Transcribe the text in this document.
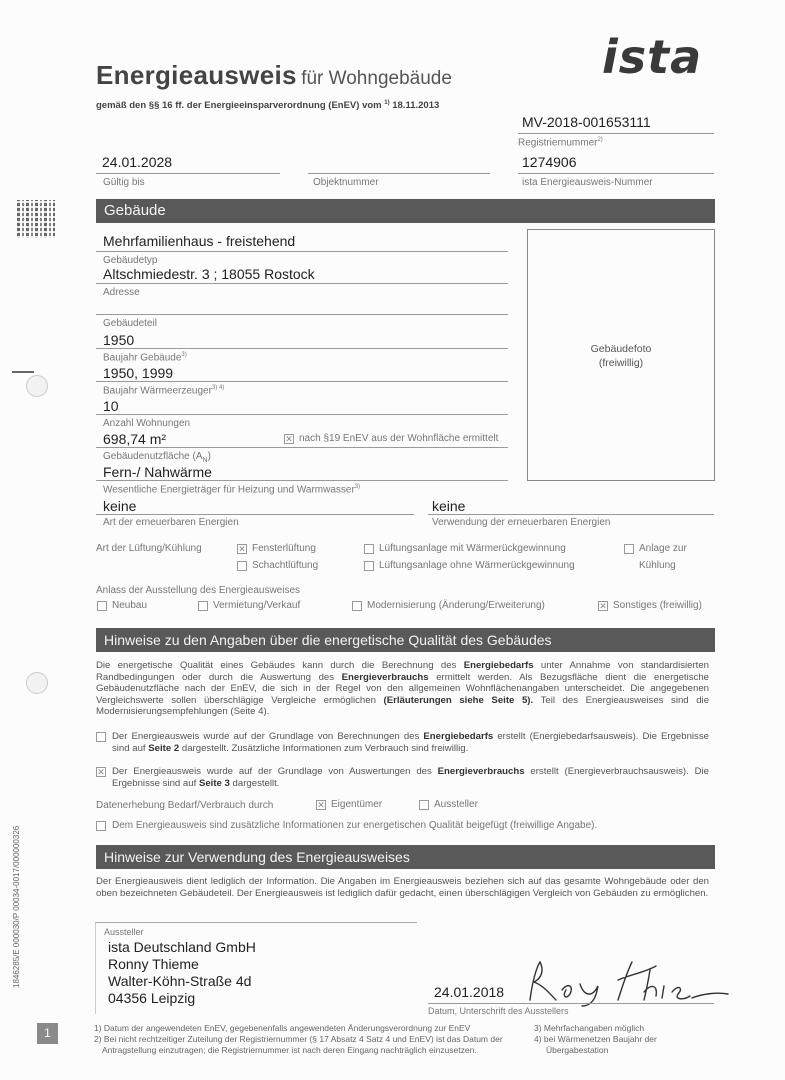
Energieausweis für Wohngebäude
gemäß den §§ 16 ff. der Energieeinsparverordnung (EnEV) vom $^{1)}$ 18.11.2013
ista
MV-2018-001653111
Registriernummer$^{2)}$
24.01.2028
Gültig bis	Objektnummer
1274906
ista Energieausweis-Nummer
Gebäude
Mehrfamilienhaus - freistehend
Gebäudetyp
Altschmiedestr. 3 ; 18055 Rostock
Adresse
Gebäudeteil
1950
Baujahr Gebäude$^{3)}$
1950, 1999
Baujahr Wärmeerzeuger$^{3) 4)}$
10
Anzahl Wohnungen
698,74 m²	✕ nach §19 EnEV aus der Wohnfläche ermittelt
Gebäudenutzfläche $(A_N)$
Fern-/ Nahwärme
Wesentliche Energieträger für Heizung und Warmwasser$^{3)}$
keine
Art der erneuerbaren Energien
keine
Verwendung der erneuerbaren Energien
Gebäudefoto
(freiwillig)
Art der Lüftung/Kühlung	✕ Fensterlüftung
Schachtlüftung
Lüftungsanlage mit Wärmerückgewinnung
Lüftungsanlage ohne Wärmerückgewinnung
Anlage zur
Kühlung
Anlass der Ausstellung des Energieausweises
Neubau	Vermietung/Verkauf	Modernisierung (Änderung/Erweiterung)	✕ Sonstiges (freiwillig)
Hinweise zu den Angaben über die energetische Qualität des Gebäudes
Die energetische Qualität eines Gebäudes kann durch die Berechnung des Energiebedarfs unter Annahme von standardisierten Randbedingungen oder durch die Auswertung des Energieverbrauchs ermittelt werden. Als Bezugsfläche dient die energetische Gebäudenutzfläche nach der EnEV, die sich in der Regel von den allgemeinen Wohnflächenangaben unterscheidet. Die angegebenen Vergleichswerte sollen überschlägige Vergleiche ermöglichen (Erläuterungen siehe Seite 5). Teil des Energieausweises sind die Modernisierungsempfehlungen (Seite 4).
Der Energieausweis wurde auf der Grundlage von Berechnungen des Energiebedarfs erstellt (Energiebedarfsausweis). Die Ergebnisse sind auf Seite 2 dargestellt. Zusätzliche Informationen zum Verbrauch sind freiwillig.
✕ Der Energieausweis wurde auf der Grundlage von Auswertungen des Energieverbrauchs erstellt (Energieverbrauchsausweis). Die Ergebnisse sind auf Seite 3 dargestellt.
Datenerhebung Bedarf/Verbrauch durch	✕ Eigentümer	Aussteller
Dem Energieausweis sind zusätzliche Informationen zur energetischen Qualität beigefügt (freiwillige Angabe).
Hinweise zur Verwendung des Energieausweises
Der Energieausweis dient lediglich der Information. Die Angaben im Energieausweis beziehen sich auf das gesamte Wohngebäude oder den oben bezeichneten Gebäudeteil. Der Energieausweis ist lediglich dafür gedacht, einen überschlägigen Vergleich von Gebäuden zu ermöglichen.
Aussteller
ista Deutschland GmbH
Ronny Thieme
Walter-Köhn-Straße 4d
04356 Leipzig	24.01.2018
Datum, Unterschrift des Ausstellers
1) Datum der angewendeten EnEV, gegebenenfalls angewendeten Änderungsverordnung zur EnEV
2) Bei nicht rechtzeitiger Zuteilung der Registriernummer (§ 17 Absatz 4 Satz 4 und EnEV) ist das Datum der
Antragstellung einzutragen; die Registriernummer ist nach deren Eingang nachträglich einzusetzen.
3) Mehrfachangaben möglich
4) bei Wärmenetzen Baujahr der
Übergabestation
1846285/E 000030/P 00034-0017/000000326
1
